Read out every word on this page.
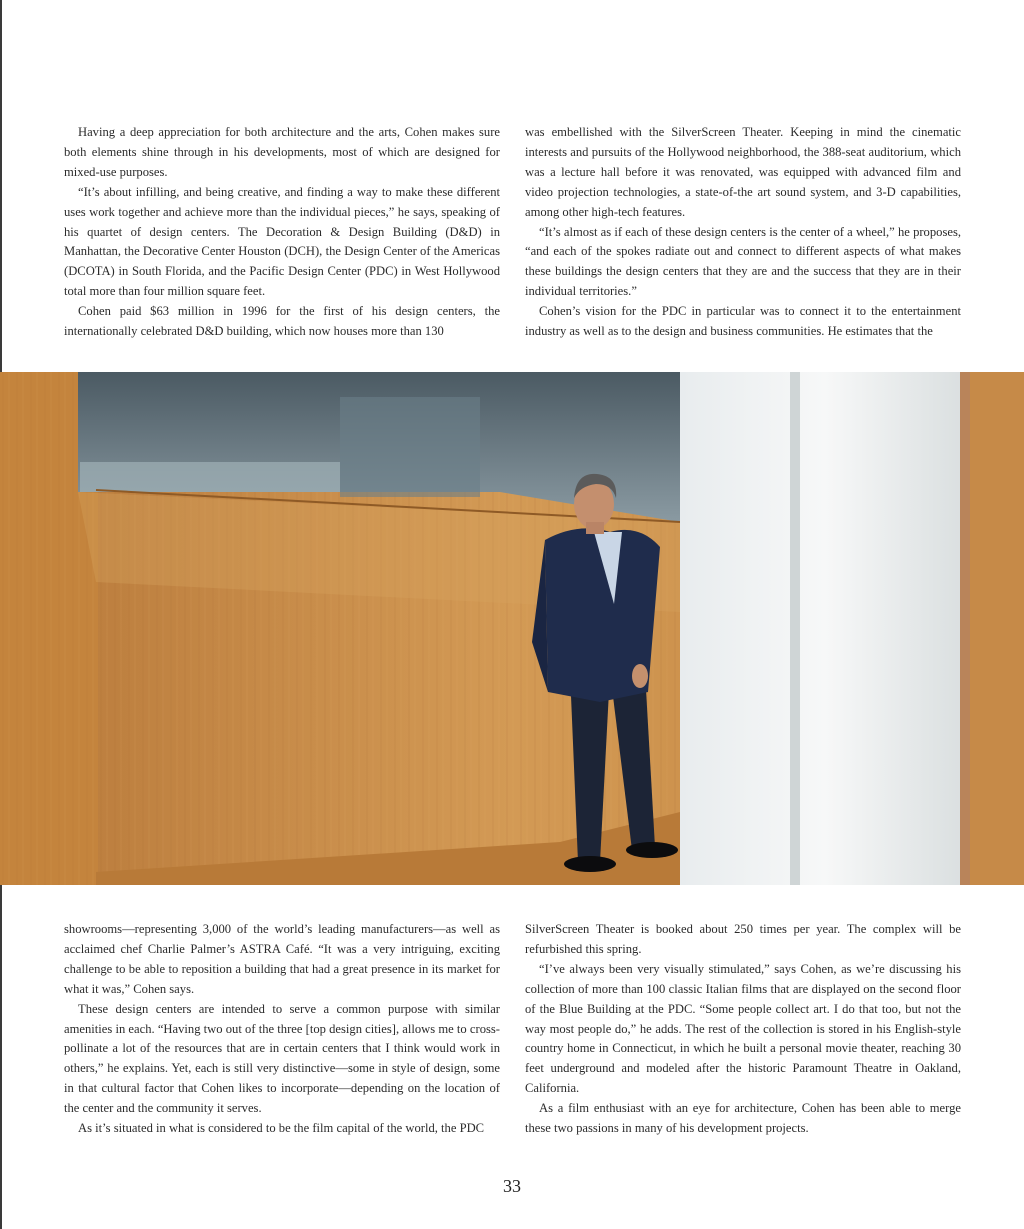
Having a deep appreciation for both architecture and the arts, Cohen makes sure both elements shine through in his developments, most of which are designed for mixed-use purposes.

“It’s about infilling, and being creative, and finding a way to make these different uses work together and achieve more than the individual pieces,” he says, speaking of his quartet of design centers. The Decoration & Design Building (D&D) in Manhattan, the Decorative Center Houston (DCH), the Design Center of the Americas (DCOTA) in South Florida, and the Pacific Design Center (PDC) in West Hollywood total more than four million square feet.

Cohen paid $63 million in 1996 for the first of his design centers, the internationally celebrated D&D building, which now houses more than 130

was embellished with the SilverScreen Theater. Keeping in mind the cinematic interests and pursuits of the Hollywood neighborhood, the 388-seat auditorium, which was a lecture hall before it was renovated, was equipped with advanced film and video projection technologies, a state-of-the art sound system, and 3-D capabilities, among other high-tech features.

“It’s almost as if each of these design centers is the center of a wheel,” he proposes, “and each of the spokes radiate out and connect to different aspects of what makes these buildings the design centers that they are and the success that they are in their individual territories.”

Cohen’s vision for the PDC in particular was to connect it to the entertainment industry as well as to the design and business communities. He estimates that the

showrooms—representing 3,000 of the world’s leading manufacturers—as well as acclaimed chef Charlie Palmer’s ASTRA Café. “It was a very intriguing, exciting challenge to be able to reposition a building that had a great presence in its market for what it was,” Cohen says.

These design centers are intended to serve a common purpose with similar amenities in each. “Having two out of the three [top design cities], allows me to cross-pollinate a lot of the resources that are in certain centers that I think would work in others,” he explains. Yet, each is still very distinctive—some in style of design, some in that cultural factor that Cohen likes to incorporate—depending on the location of the center and the community it serves.

As it’s situated in what is considered to be the film capital of the world, the PDC

SilverScreen Theater is booked about 250 times per year. The complex will be refurbished this spring.

“I’ve always been very visually stimulated,” says Cohen, as we’re discussing his collection of more than 100 classic Italian films that are displayed on the second floor of the Blue Building at the PDC. “Some people collect art. I do that too, but not the way most people do,” he adds. The rest of the collection is stored in his English-style country home in Connecticut, in which he built a personal movie theater, reaching 30 feet underground and modeled after the historic Paramount Theatre in Oakland, California.

As a film enthusiast with an eye for architecture, Cohen has been able to merge these two passions in many of his development projects.

33
